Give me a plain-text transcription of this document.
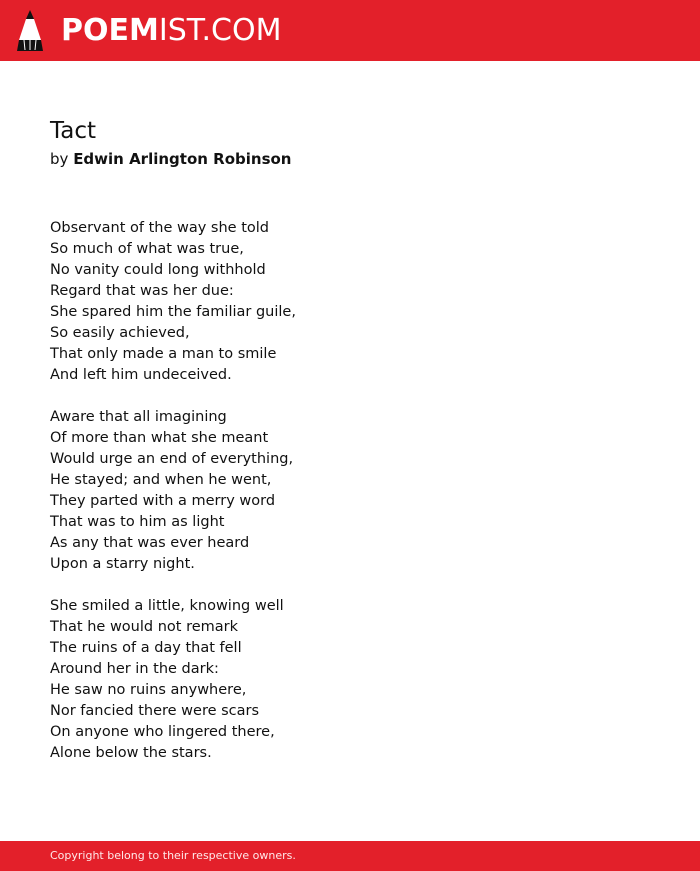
POEMIST.COM
Tact
by Edwin Arlington Robinson
Observant of the way she told
So much of what was true,
No vanity could long withhold
Regard that was her due:
She spared him the familiar guile,
So easily achieved,
That only made a man to smile
And left him undeceived.
Aware that all imagining
Of more than what she meant
Would urge an end of everything,
He stayed; and when he went,
They parted with a merry word
That was to him as light
As any that was ever heard
Upon a starry night.
She smiled a little, knowing well
That he would not remark
The ruins of a day that fell
Around her in the dark:
He saw no ruins anywhere,
Nor fancied there were scars
On anyone who lingered there,
Alone below the stars.
Copyright belong to their respective owners.
